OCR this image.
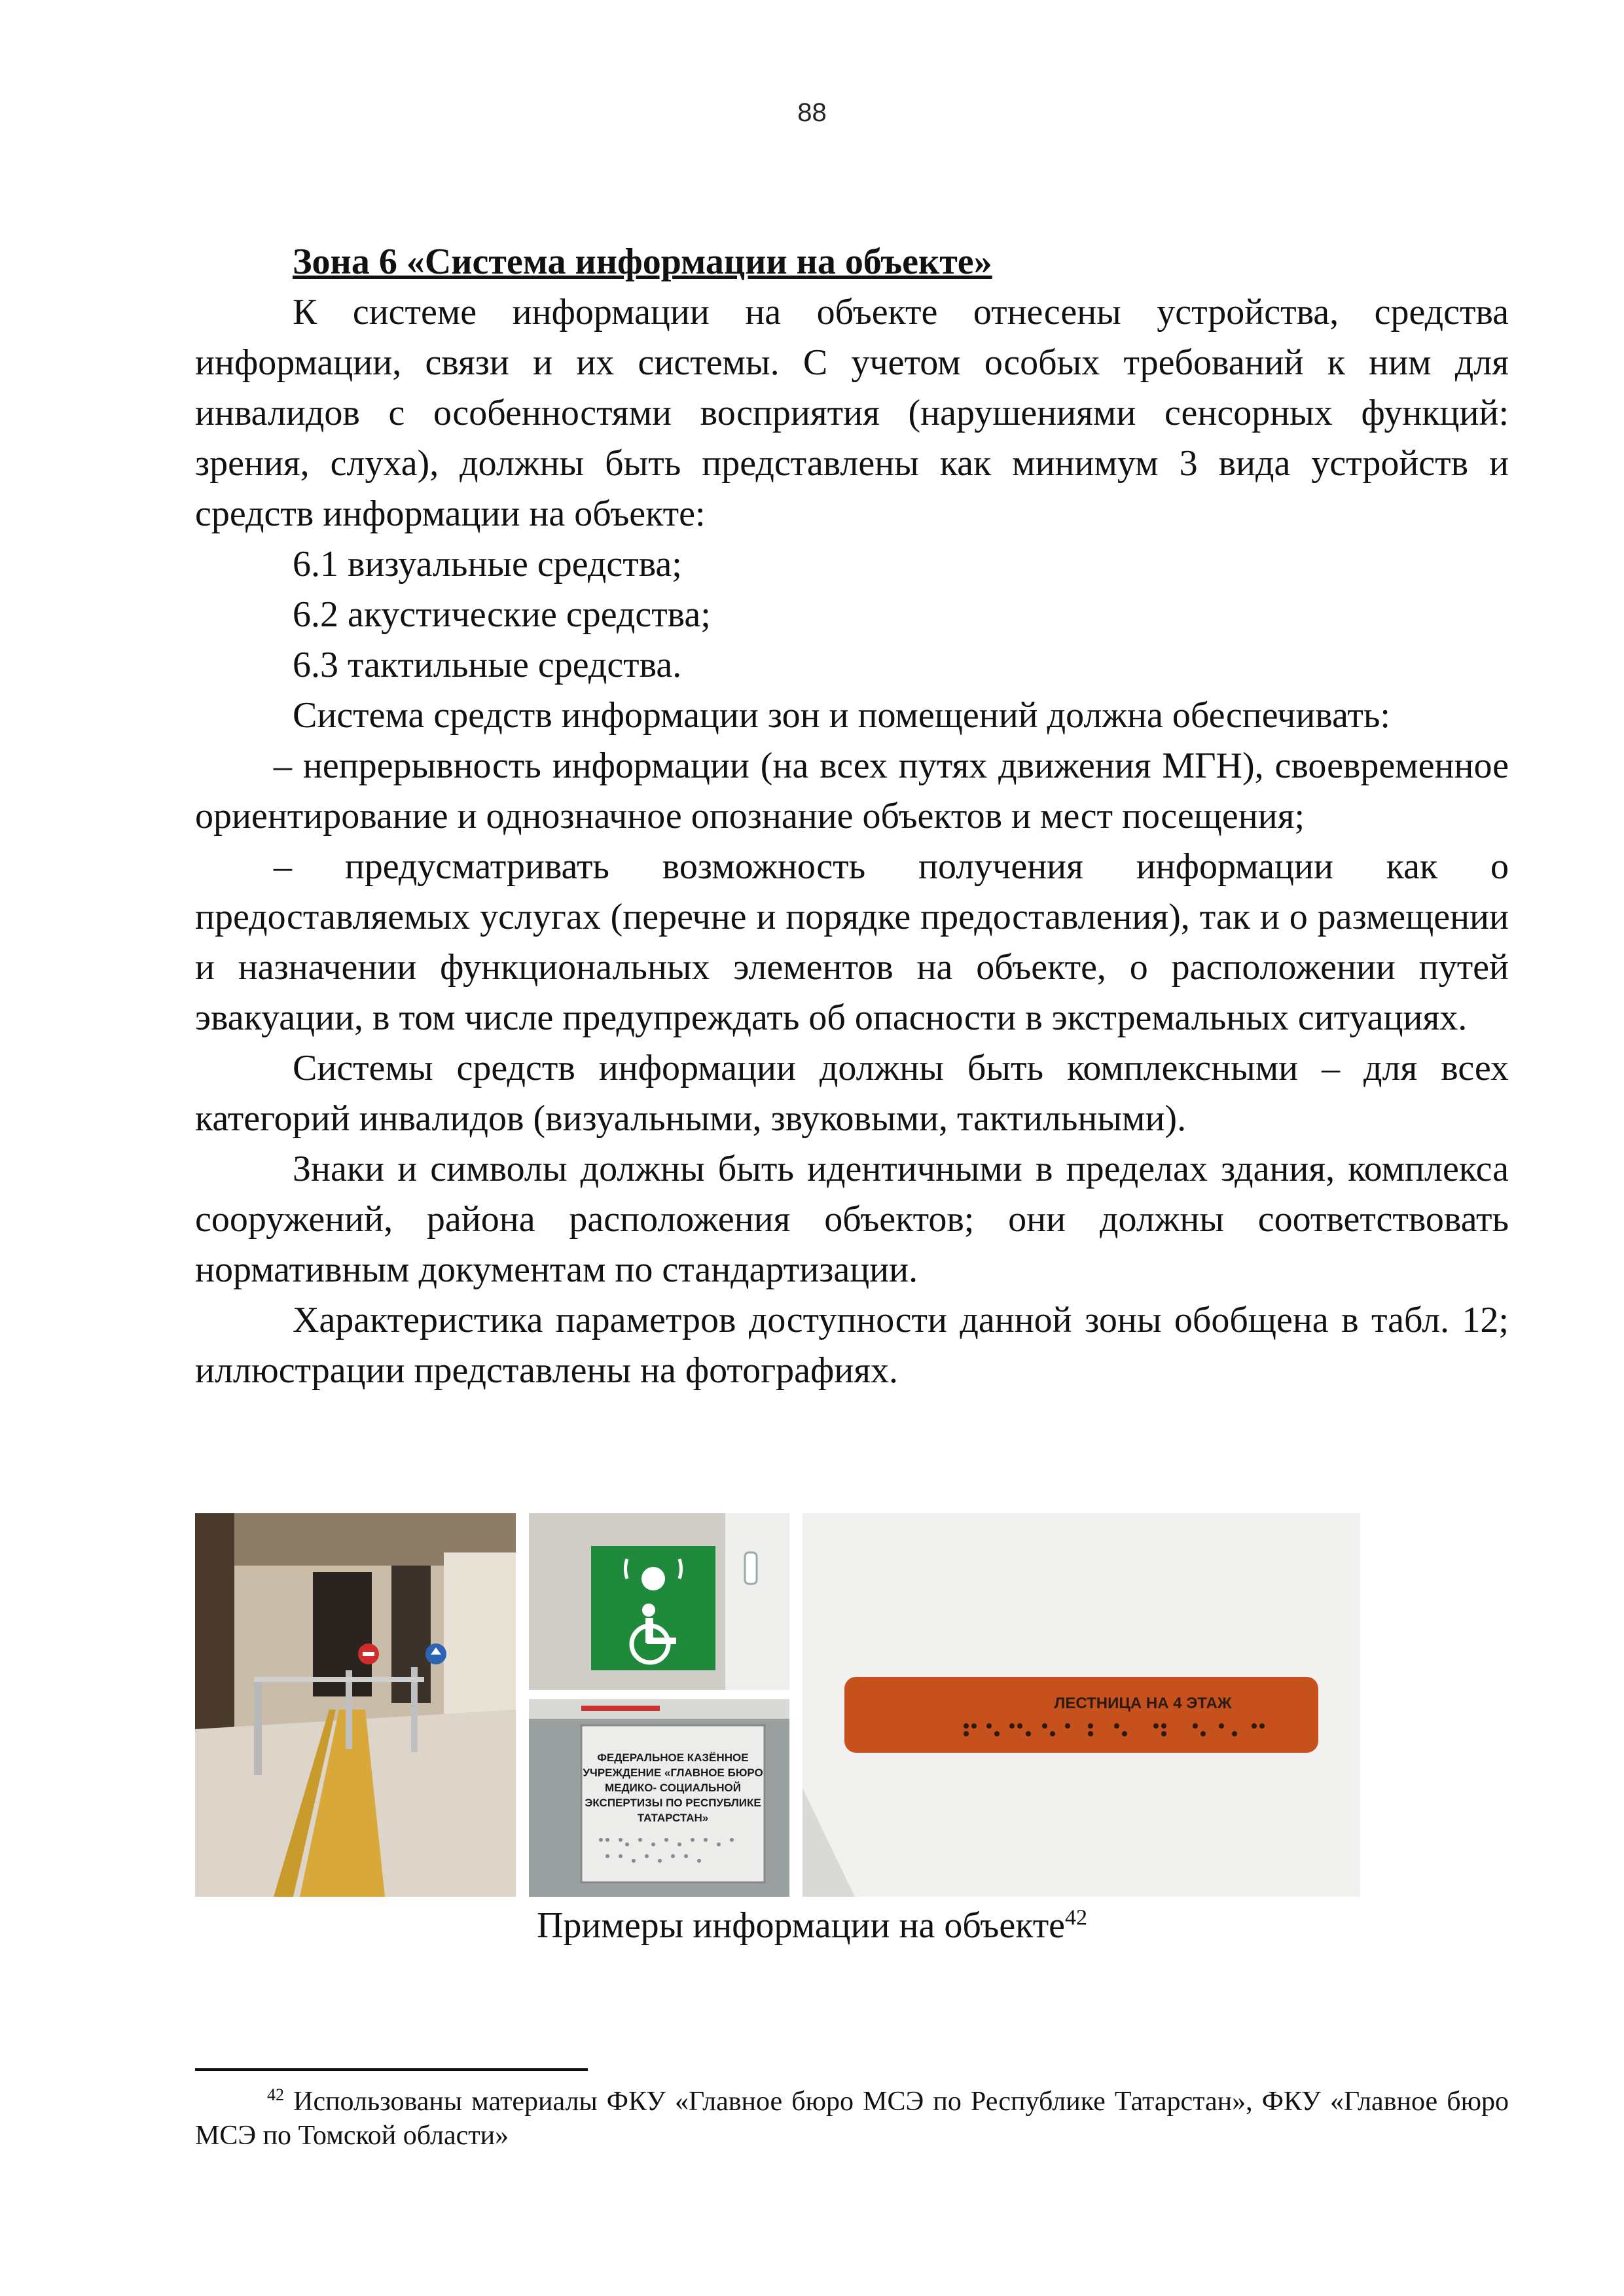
88

Зона 6 «Система информации на объекте»

К системе информации на объекте отнесены устройства, средства информации, связи и их системы. С учетом особых требований к ним для инвалидов с особенностями восприятия (нарушениями сенсорных функций: зрения, слуха), должны быть представлены как минимум 3 вида устройств и средств информации на объекте:

6.1 визуальные средства;

6.2 акустические средства;

6.3 тактильные средства.

Система средств информации зон и помещений должна обеспечивать:

– непрерывность информации (на всех путях движения МГН), своевременное ориентирование и однозначное опознание объектов и мест посещения;

– предусматривать возможность получения информации как о предоставляемых услугах (перечне и порядке предоставления), так и о размещении и назначении функциональных элементов на объекте, о расположении путей эвакуации, в том числе предупреждать об опасности в экстремальных ситуациях.

Системы средств информации должны быть комплексными – для всех категорий инвалидов (визуальными, звуковыми, тактильными).

Знаки и символы должны быть идентичными в пределах здания, комплекса сооружений, района расположения объектов; они должны соответствовать нормативным документам по стандартизации.

Характеристика параметров доступности данной зоны обобщена в табл. 12; иллюстрации представлены на фотографиях.

ФЕДЕРАЛЬНОЕ КАЗЁННОЕ
УЧРЕЖДЕНИЕ «ГЛАВНОЕ БЮРО
МЕДИКО- СОЦИАЛЬНОЙ
ЭКСПЕРТИЗЫ ПО РЕСПУБЛИКЕ
ТАТАРСТАН»
ЛЕСТНИЦА НА 4 ЭТАЖ
Примеры информации на объекте$^{42}$
$^{42}$ Использованы материалы ФКУ «Главное бюро МСЭ по Республике Татарстан», ФКУ «Главное бюро МСЭ по Томской области»
